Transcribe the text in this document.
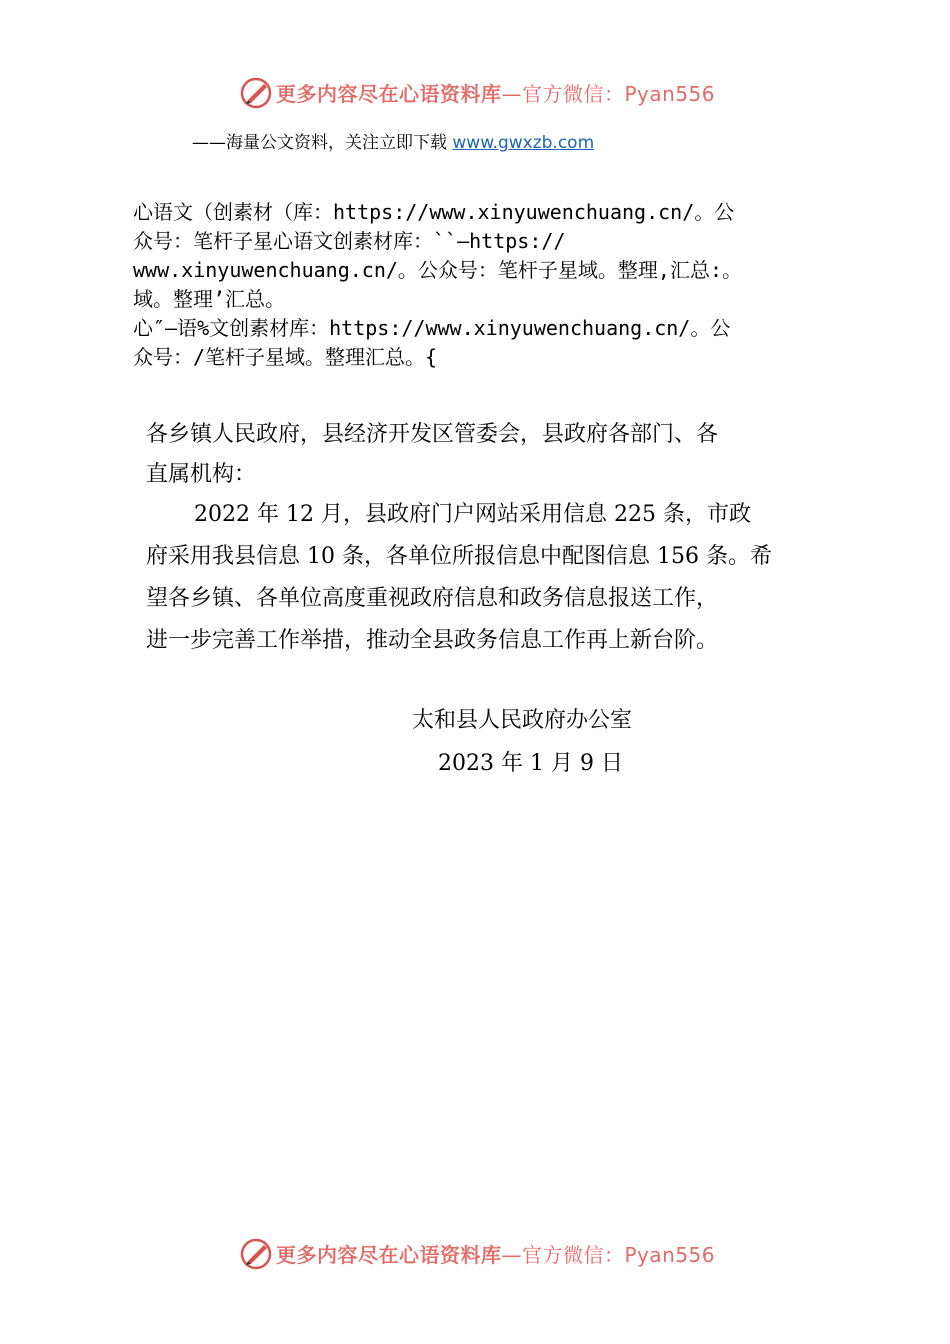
更多内容尽在心语资料库—官方微信：Pyan556
——海量公文资料，关注立即下载 www.gwxzb.com
心语文（创素材（库：https://www.xinyuwenchuang.cn/。公
众号：笔杆子星心语文创素材库：``—https://
www.xinyuwenchuang.cn/。公众号：笔杆子星域。整理,汇总:。
域。整理’汇总。
心″—语%文创素材库：https://www.xinyuwenchuang.cn/。公
众号：/笔杆子星域。整理汇总。{
各乡镇人民政府，县经济开发区管委会，县政府各部门、各
直属机构：
2022 年 12 月，县政府门户网站采用信息 225 条，市政
府采用我县信息 10 条，各单位所报信息中配图信息 156 条。希
望各乡镇、各单位高度重视政府信息和政务信息报送工作，
进一步完善工作举措，推动全县政务信息工作再上新台阶。
太和县人民政府办公室
2023 年 1 月 9 日
更多内容尽在心语资料库—官方微信：Pyan556
